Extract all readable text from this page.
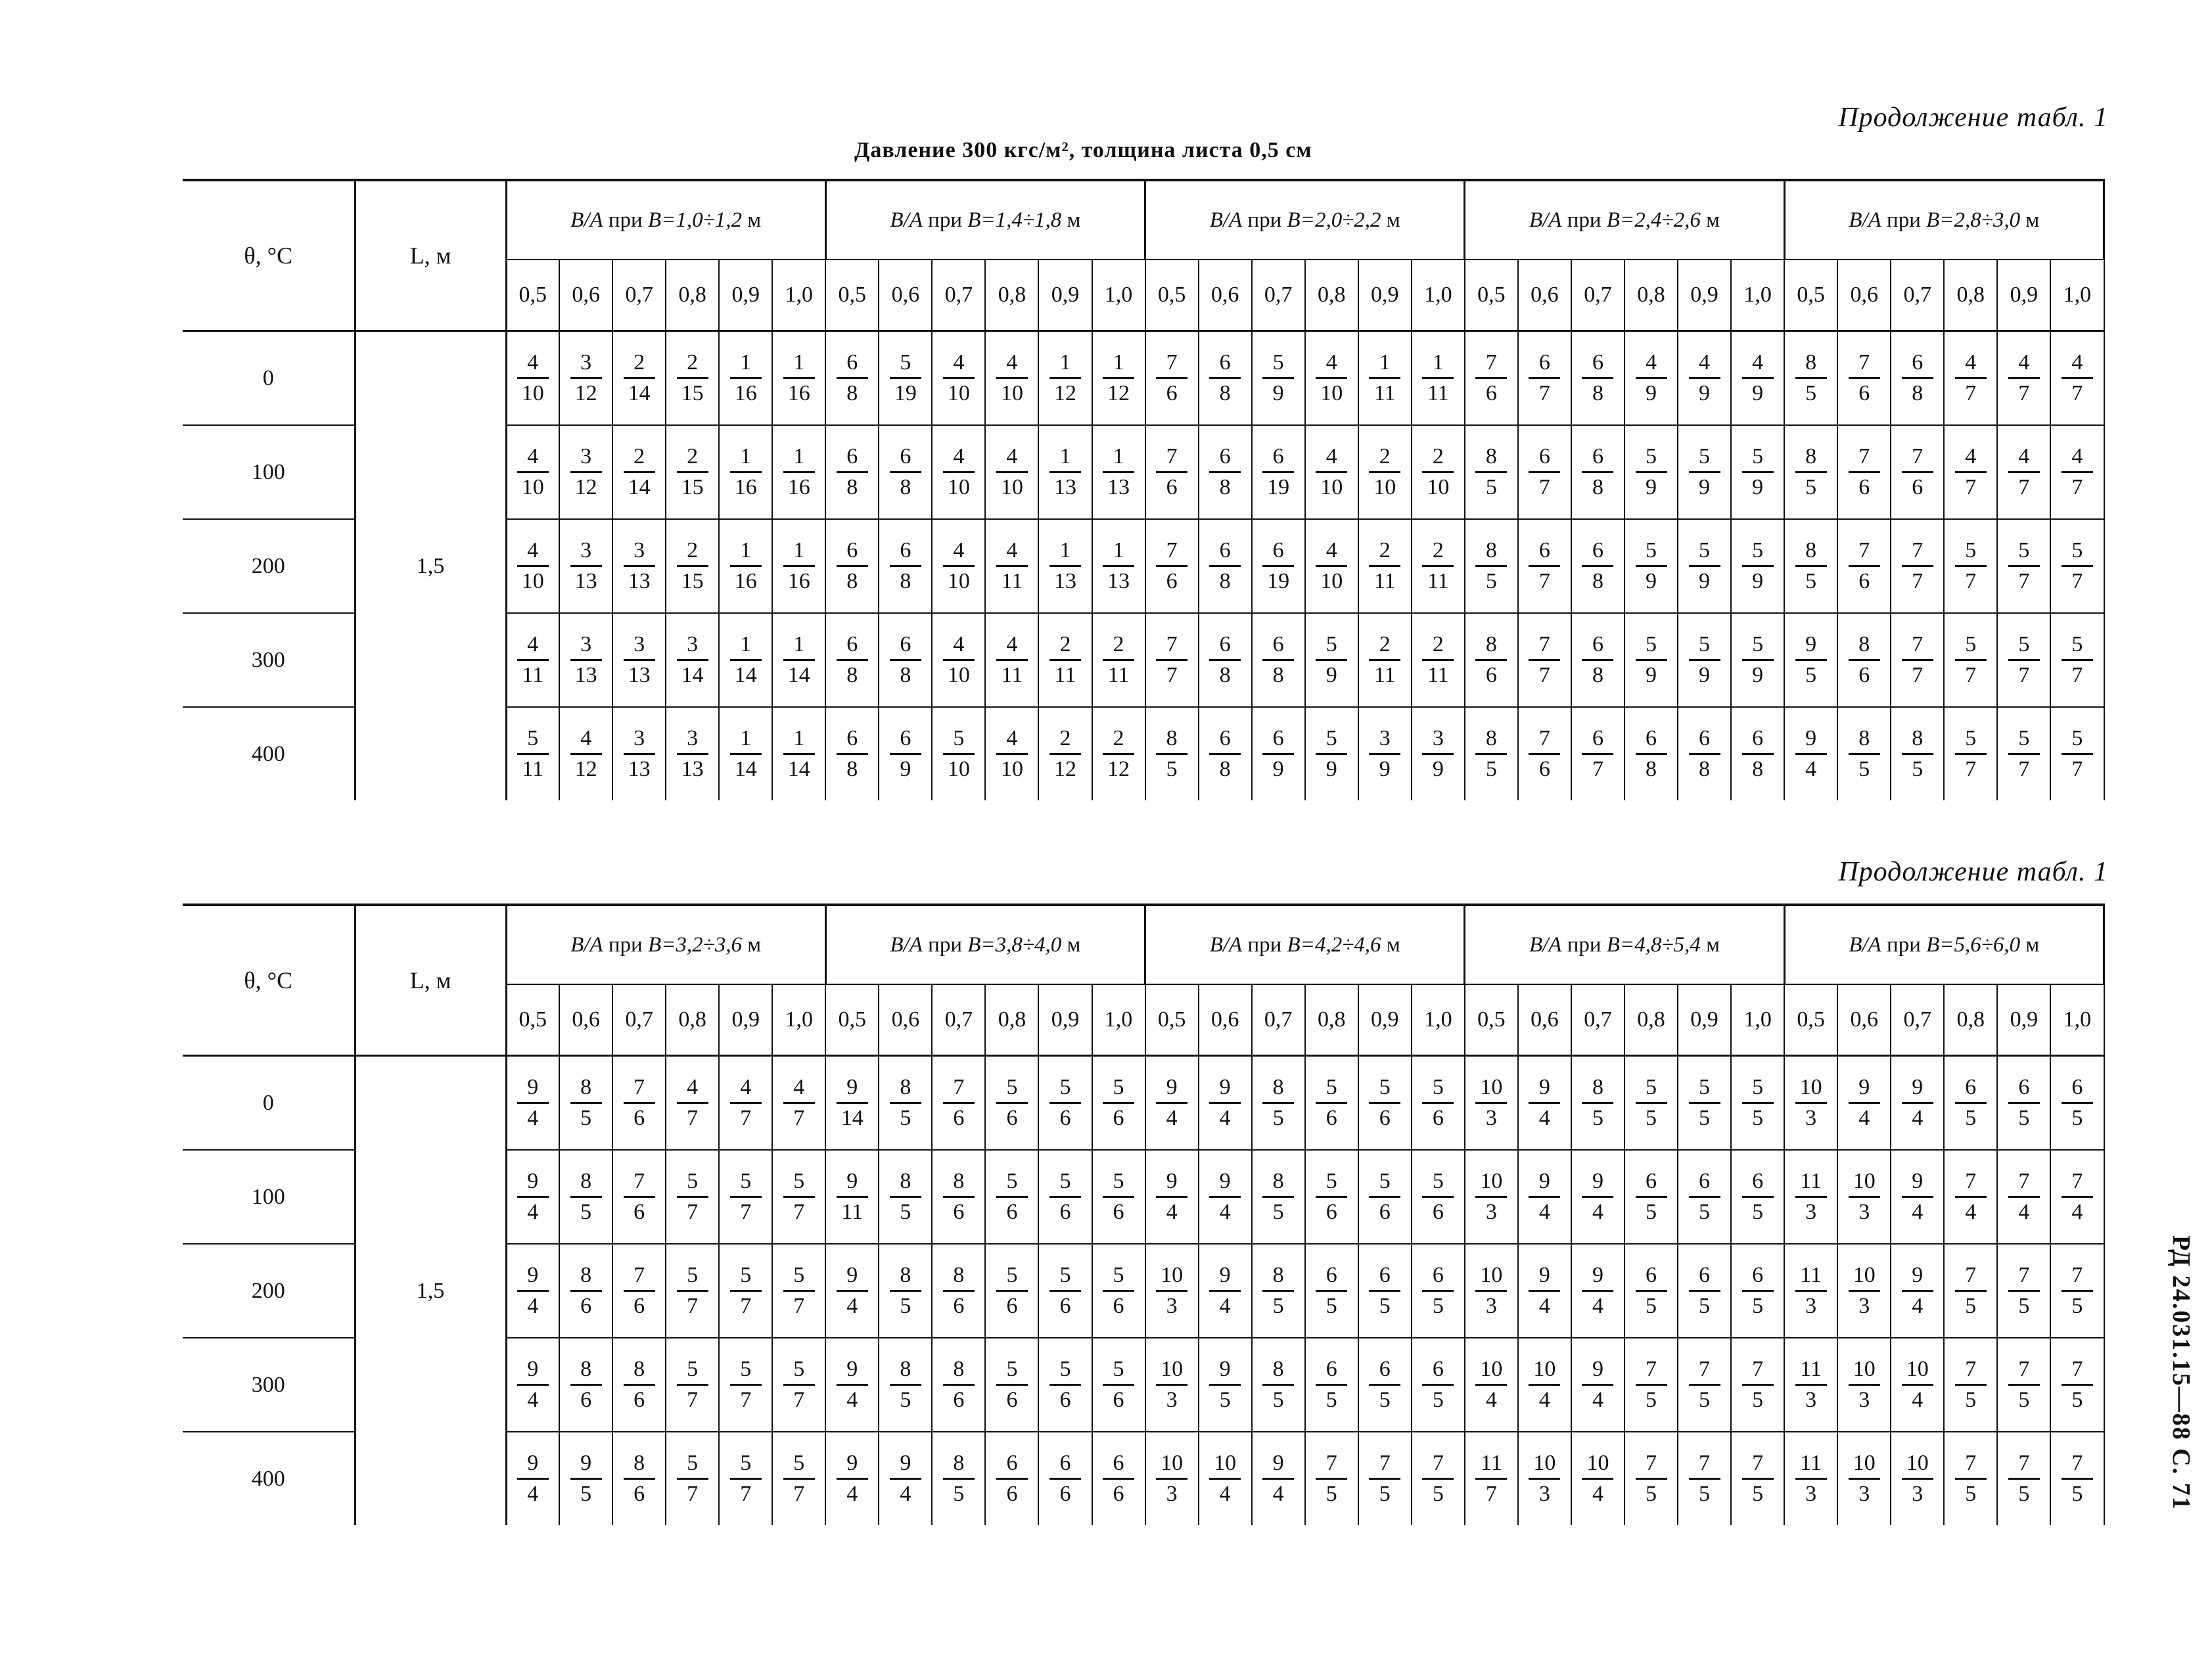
Продолжение табл. 1
Давление 300 кгс/м², толщина листа 0,5 см
θ, °C	L, м	B/A при B=1,0÷1,2 м						B/A при B=1,4÷1,8 м						B/A при B=2,0÷2,2 м						B/A при B=2,4÷2,6 м						B/A при B=2,8÷3,0 м					
		0,5	0,6	0,7	0,8	0,9	1,0	0,5	0,6	0,7	0,8	0,9	1,0	0,5	0,6	0,7	0,8	0,9	1,0	0,5	0,6	0,7	0,8	0,9	1,0	0,5	0,6	0,7	0,8	0,9	1,0
0	1,5	$\frac{4}{10}$	$\frac{3}{12}$	$\frac{2}{14}$	$\frac{2}{15}$	$\frac{1}{16}$	$\frac{1}{16}$	$\frac{6}{8}$	$\frac{5}{19}$	$\frac{4}{10}$	$\frac{4}{10}$	$\frac{1}{12}$	$\frac{1}{12}$	$\frac{7}{6}$	$\frac{6}{8}$	$\frac{5}{9}$	$\frac{4}{10}$	$\frac{1}{11}$	$\frac{1}{11}$	$\frac{7}{6}$	$\frac{6}{7}$	$\frac{6}{8}$	$\frac{4}{9}$	$\frac{4}{9}$	$\frac{4}{9}$	$\frac{8}{5}$	$\frac{7}{6}$	$\frac{6}{8}$	$\frac{4}{7}$	$\frac{4}{7}$	$\frac{4}{7}$

100		$\frac{4}{10}$	$\frac{3}{12}$	$\frac{2}{14}$	$\frac{2}{15}$	$\frac{1}{16}$	$\frac{1}{16}$	$\frac{6}{8}$	$\frac{6}{8}$	$\frac{4}{10}$	$\frac{4}{10}$	$\frac{1}{13}$	$\frac{1}{13}$	$\frac{7}{6}$	$\frac{6}{8}$	$\frac{6}{19}$	$\frac{4}{10}$	$\frac{2}{10}$	$\frac{2}{10}$	$\frac{8}{5}$	$\frac{6}{7}$	$\frac{6}{8}$	$\frac{5}{9}$	$\frac{5}{9}$	$\frac{5}{9}$	$\frac{8}{5}$	$\frac{7}{6}$	$\frac{7}{6}$	$\frac{4}{7}$	$\frac{4}{7}$	$\frac{4}{7}$

200		$\frac{4}{10}$	$\frac{3}{13}$	$\frac{3}{13}$	$\frac{2}{15}$	$\frac{1}{16}$	$\frac{1}{16}$	$\frac{6}{8}$	$\frac{6}{8}$	$\frac{4}{10}$	$\frac{4}{11}$	$\frac{1}{13}$	$\frac{1}{13}$	$\frac{7}{6}$	$\frac{6}{8}$	$\frac{6}{19}$	$\frac{4}{10}$	$\frac{2}{11}$	$\frac{2}{11}$	$\frac{8}{5}$	$\frac{6}{7}$	$\frac{6}{8}$	$\frac{5}{9}$	$\frac{5}{9}$	$\frac{5}{9}$	$\frac{8}{5}$	$\frac{7}{6}$	$\frac{7}{7}$	$\frac{5}{7}$	$\frac{5}{7}$	$\frac{5}{7}$

300		$\frac{4}{11}$	$\frac{3}{13}$	$\frac{3}{13}$	$\frac{3}{14}$	$\frac{1}{14}$	$\frac{1}{14}$	$\frac{6}{8}$	$\frac{6}{8}$	$\frac{4}{10}$	$\frac{4}{11}$	$\frac{2}{11}$	$\frac{2}{11}$	$\frac{7}{7}$	$\frac{6}{8}$	$\frac{6}{8}$	$\frac{5}{9}$	$\frac{2}{11}$	$\frac{2}{11}$	$\frac{8}{6}$	$\frac{7}{7}$	$\frac{6}{8}$	$\frac{5}{9}$	$\frac{5}{9}$	$\frac{5}{9}$	$\frac{9}{5}$	$\frac{8}{6}$	$\frac{7}{7}$	$\frac{5}{7}$	$\frac{5}{7}$	$\frac{5}{7}$

400		$\frac{5}{11}$	$\frac{4}{12}$	$\frac{3}{13}$	$\frac{3}{13}$	$\frac{1}{14}$	$\frac{1}{14}$	$\frac{6}{8}$	$\frac{6}{9}$	$\frac{5}{10}$	$\frac{4}{10}$	$\frac{2}{12}$	$\frac{2}{12}$	$\frac{8}{5}$	$\frac{6}{8}$	$\frac{6}{9}$	$\frac{5}{9}$	$\frac{3}{9}$	$\frac{3}{9}$	$\frac{8}{5}$	$\frac{7}{6}$	$\frac{6}{7}$	$\frac{6}{8}$	$\frac{6}{8}$	$\frac{6}{8}$	$\frac{9}{4}$	$\frac{8}{5}$	$\frac{8}{5}$	$\frac{5}{7}$	$\frac{5}{7}$	$\frac{5}{7}$
Продолжение табл. 1
θ, °C	L, м	B/A при B=3,2÷3,6 м						B/A при B=3,8÷4,0 м						B/A при B=4,2÷4,6 м						B/A при B=4,8÷5,4 м						B/A при B=5,6÷6,0 м					
		0,5	0,6	0,7	0,8	0,9	1,0	0,5	0,6	0,7	0,8	0,9	1,0	0,5	0,6	0,7	0,8	0,9	1,0	0,5	0,6	0,7	0,8	0,9	1,0	0,5	0,6	0,7	0,8	0,9	1,0
0	1,5	$\frac{9}{4}$	$\frac{8}{5}$	$\frac{7}{6}$	$\frac{4}{7}$	$\frac{4}{7}$	$\frac{4}{7}$	$\frac{9}{14}$	$\frac{8}{5}$	$\frac{7}{6}$	$\frac{5}{6}$	$\frac{5}{6}$	$\frac{5}{6}$	$\frac{9}{4}$	$\frac{9}{4}$	$\frac{8}{5}$	$\frac{5}{6}$	$\frac{5}{6}$	$\frac{5}{6}$	$\frac{10}{3}$	$\frac{9}{4}$	$\frac{8}{5}$	$\frac{5}{5}$	$\frac{5}{5}$	$\frac{5}{5}$	$\frac{10}{3}$	$\frac{9}{4}$	$\frac{9}{4}$	$\frac{6}{5}$	$\frac{6}{5}$	$\frac{6}{5}$

100		$\frac{9}{4}$	$\frac{8}{5}$	$\frac{7}{6}$	$\frac{5}{7}$	$\frac{5}{7}$	$\frac{5}{7}$	$\frac{9}{11}$	$\frac{8}{5}$	$\frac{8}{6}$	$\frac{5}{6}$	$\frac{5}{6}$	$\frac{5}{6}$	$\frac{9}{4}$	$\frac{9}{4}$	$\frac{8}{5}$	$\frac{5}{6}$	$\frac{5}{6}$	$\frac{5}{6}$	$\frac{10}{3}$	$\frac{9}{4}$	$\frac{9}{4}$	$\frac{6}{5}$	$\frac{6}{5}$	$\frac{6}{5}$	$\frac{11}{3}$	$\frac{10}{3}$	$\frac{9}{4}$	$\frac{7}{4}$	$\frac{7}{4}$	$\frac{7}{4}$

200		$\frac{9}{4}$	$\frac{8}{6}$	$\frac{7}{6}$	$\frac{5}{7}$	$\frac{5}{7}$	$\frac{5}{7}$	$\frac{9}{4}$	$\frac{8}{5}$	$\frac{8}{6}$	$\frac{5}{6}$	$\frac{5}{6}$	$\frac{5}{6}$	$\frac{10}{3}$	$\frac{9}{4}$	$\frac{8}{5}$	$\frac{6}{5}$	$\frac{6}{5}$	$\frac{6}{5}$	$\frac{10}{3}$	$\frac{9}{4}$	$\frac{9}{4}$	$\frac{6}{5}$	$\frac{6}{5}$	$\frac{6}{5}$	$\frac{11}{3}$	$\frac{10}{3}$	$\frac{9}{4}$	$\frac{7}{5}$	$\frac{7}{5}$	$\frac{7}{5}$

300		$\frac{9}{4}$	$\frac{8}{6}$	$\frac{8}{6}$	$\frac{5}{7}$	$\frac{5}{7}$	$\frac{5}{7}$	$\frac{9}{4}$	$\frac{8}{5}$	$\frac{8}{6}$	$\frac{5}{6}$	$\frac{5}{6}$	$\frac{5}{6}$	$\frac{10}{3}$	$\frac{9}{5}$	$\frac{8}{5}$	$\frac{6}{5}$	$\frac{6}{5}$	$\frac{6}{5}$	$\frac{10}{4}$	$\frac{10}{4}$	$\frac{9}{4}$	$\frac{7}{5}$	$\frac{7}{5}$	$\frac{7}{5}$	$\frac{11}{3}$	$\frac{10}{3}$	$\frac{10}{4}$	$\frac{7}{5}$	$\frac{7}{5}$	$\frac{7}{5}$

400		$\frac{9}{4}$	$\frac{9}{5}$	$\frac{8}{6}$	$\frac{5}{7}$	$\frac{5}{7}$	$\frac{5}{7}$	$\frac{9}{4}$	$\frac{9}{4}$	$\frac{8}{5}$	$\frac{6}{6}$	$\frac{6}{6}$	$\frac{6}{6}$	$\frac{10}{3}$	$\frac{10}{4}$	$\frac{9}{4}$	$\frac{7}{5}$	$\frac{7}{5}$	$\frac{7}{5}$	$\frac{11}{7}$	$\frac{10}{3}$	$\frac{10}{4}$	$\frac{7}{5}$	$\frac{7}{5}$	$\frac{7}{5}$	$\frac{11}{3}$	$\frac{10}{3}$	$\frac{10}{3}$	$\frac{7}{5}$	$\frac{7}{5}$	$\frac{7}{5}$	РД 24.031.15—88 С. 71
